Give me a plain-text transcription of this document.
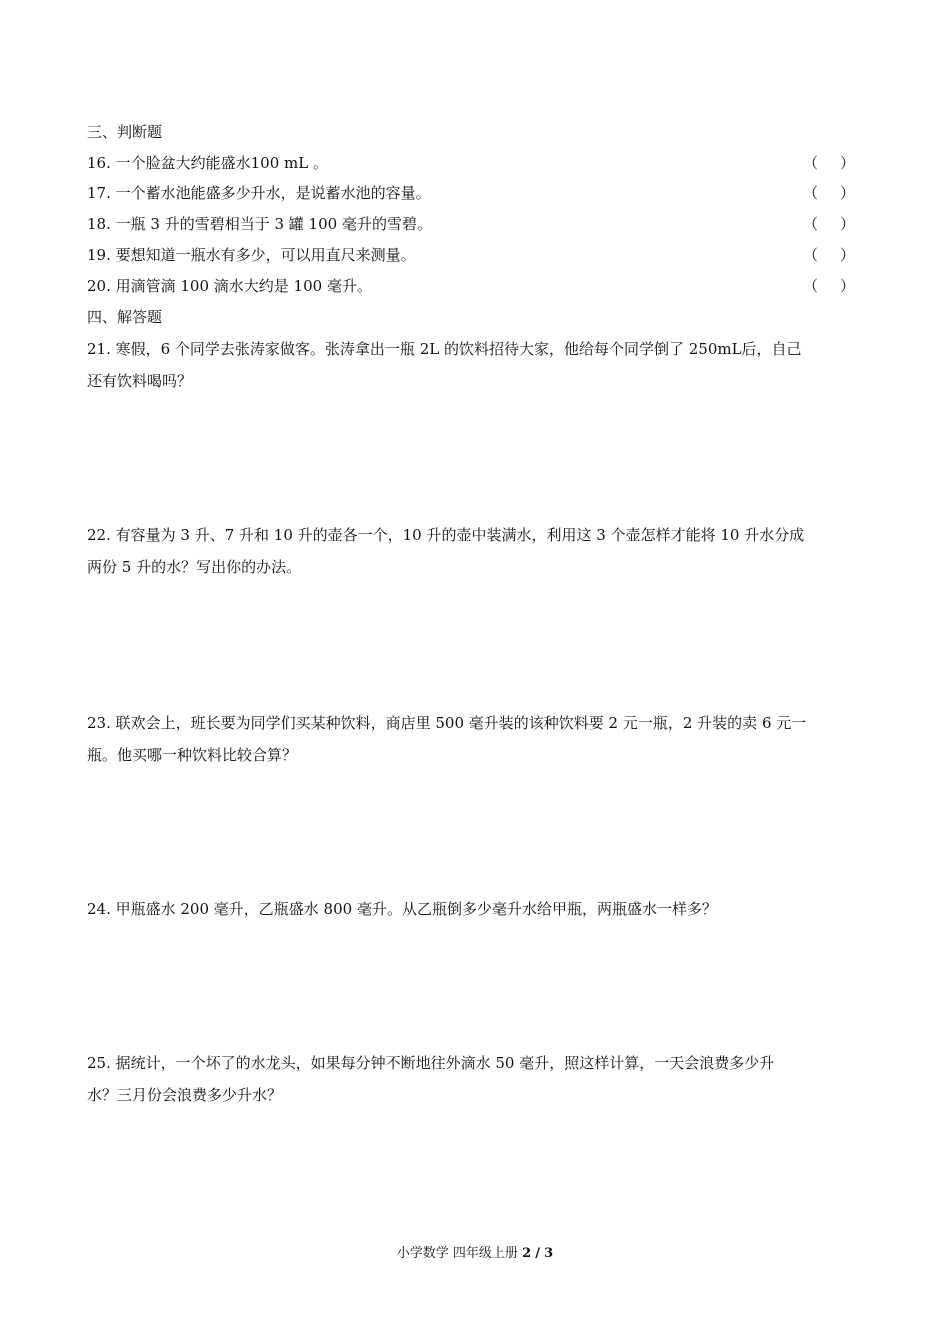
三、判断题
16. 一个脸盆大约能盛水100 mL 。	（ ）
17. 一个蓄水池能盛多少升水，是说蓄水池的容量。	（ ）
18. 一瓶 3 升的雪碧相当于 3 罐 100 毫升的雪碧。	（ ）
19. 要想知道一瓶水有多少，可以用直尺来测量。	（ ）
20. 用滴管滴 100 滴水大约是 100 毫升。	（ ）
四、解答题
21. 寒假，6 个同学去张涛家做客。张涛拿出一瓶 2L 的饮料招待大家，他给每个同学倒了 250mL后，自己
还有饮料喝吗？
22. 有容量为 3 升、7 升和 10 升的壶各一个，10 升的壶中装满水，利用这 3 个壶怎样才能将 10 升水分成
两份 5 升的水？写出你的办法。
23. 联欢会上，班长要为同学们买某种饮料，商店里 500 毫升装的该种饮料要 2 元一瓶，2 升装的卖 6 元一
瓶。他买哪一种饮料比较合算？
24. 甲瓶盛水 200 毫升，乙瓶盛水 800 毫升。从乙瓶倒多少毫升水给甲瓶，两瓶盛水一样多？
25. 据统计，一个坏了的水龙头，如果每分钟不断地往外滴水 50 毫升，照这样计算，一天会浪费多少升
水？三月份会浪费多少升水？
小学数学 四年级上册 2 / 3
